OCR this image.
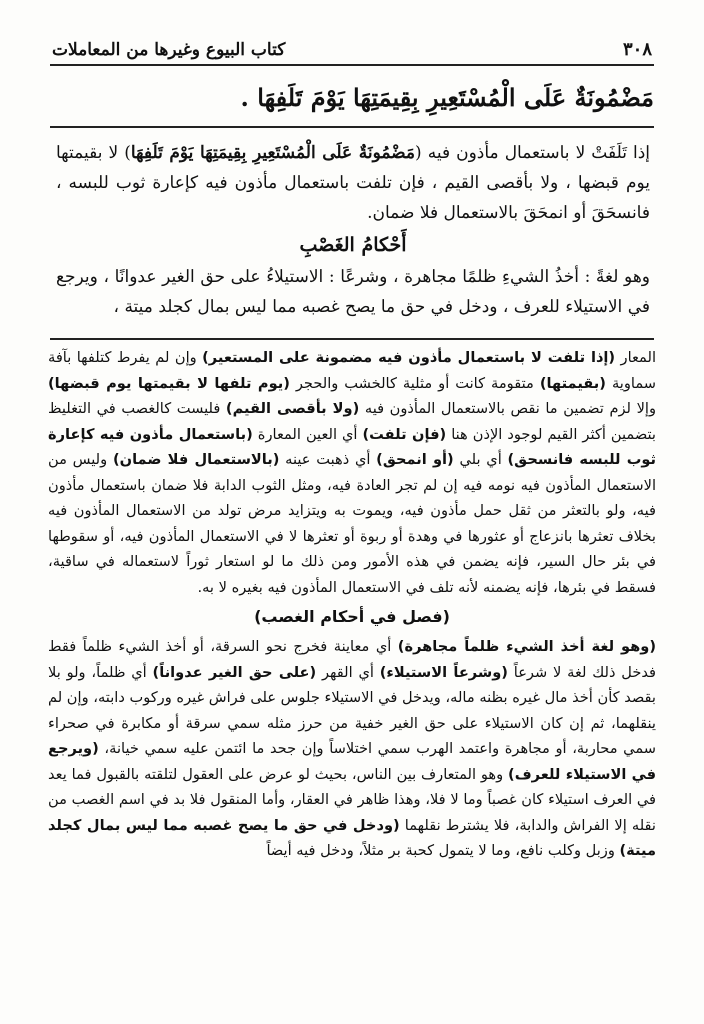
٣٠٨
كتاب البيوع وغيرها من المعاملات
مَضْمُونَةٌ عَلَى الْمُسْتَعِيرِ بِقِيمَتِهَا يَوْمَ تَلَفِهَا .

إذا تَلَفَتْ لا باستعمال مأذون فيه (مَضْمُونَةٌ عَلَى الْمُسْتَعِيرِ بِقِيمَتِهَا يَوْمَ تَلَفِهَا) لا بقيمتها يوم قبضها ، ولا بأقصى القيم ، فإن تلفت باستعمال مأذون فيه كإعارة ثوب للبسه ، فانسحَقَ أو انمحَقَ بالاستعمال فلا ضمان.

أَحْكامُ الغَصْبِ

وهو لغةً : أخذُ الشيءِ ظلمًا مجاهرة ، وشرعًا : الاستيلاءُ على حق الغير عدوانًا ، ويرجع في الاستيلاء للعرف ، ودخل في حق ما يصح غصبه مما ليس بمال كجلد ميتة ،

المعار (إذا تلفت لا باستعمال مأذون فيه مضمونة على المستعير) وإن لم يفرط كتلفها بآفة سماوية (بقيمتها) متقومة كانت أو مثلية كالخشب والحجر (يوم تلفها لا بقيمتها يوم قبضها) وإلا لزم تضمين ما نقص بالاستعمال المأذون فيه (ولا بأقصى القيم) فليست كالغصب في التغليظ بتضمين أكثر القيم لوجود الإذن هنا (فإن تلفت) أي العين المعارة (باستعمال مأذون فيه كإعارة ثوب للبسه فانسحق) أي بلي (أو انمحق) أي ذهبت عينه (بالاستعمال فلا ضمان) وليس من الاستعمال المأذون فيه نومه فيه إن لم تجر العادة فيه، ومثل الثوب الدابة فلا ضمان باستعمال مأذون فيه، ولو بالتعثر من ثقل حمل مأذون فيه، ويموت به ويتزايد مرض تولد من الاستعمال المأذون فيه بخلاف تعثرها بانزعاج أو عثورها في وهدة أو ربوة أو تعثرها لا في الاستعمال المأذون فيه، أو سقوطها في بئر حال السير، فإنه يضمن في هذه الأمور ومن ذلك ما لو استعار ثوراً لاستعماله في ساقية، فسقط في بئرها، فإنه يضمنه لأنه تلف في الاستعمال المأذون فيه بغيره لا به.

(فصل في أحكام الغصب)

(وهو لغة أخذ الشيء ظلماً مجاهرة) أي معاينة فخرج نحو السرقة، أو أخذ الشيء ظلماً فقط فدخل ذلك لغة لا شرعاً (وشرعاً الاستيلاء) أي القهر (على حق الغير عدواناً) أي ظلماً، ولو بلا بقصد كأن أخذ مال غيره بظنه ماله، ويدخل في الاستيلاء جلوس على فراش غيره وركوب دابته، وإن لم ينقلهما، ثم إن كان الاستيلاء على حق الغير خفية من حرز مثله سمي سرقة أو مكابرة في صحراء سمي محاربة، أو مجاهرة واعتمد الهرب سمي اختلاساً وإن جحد ما ائتمن عليه سمي خيانة، (ويرجع في الاستيلاء للعرف) وهو المتعارف بين الناس، بحيث لو عرض على العقول لتلقته بالقبول فما يعد في العرف استيلاء كان غصباً وما لا فلا، وهذا ظاهر في العقار، وأما المنقول فلا بد في اسم الغصب من نقله إلا الفراش والدابة، فلا يشترط نقلهما (ودخل في حق ما يصح غصبه مما ليس بمال كجلد ميتة) وزبل وكلب نافع، وما لا يتمول كحبة بر مثلاً، ودخل فيه أيضاً
